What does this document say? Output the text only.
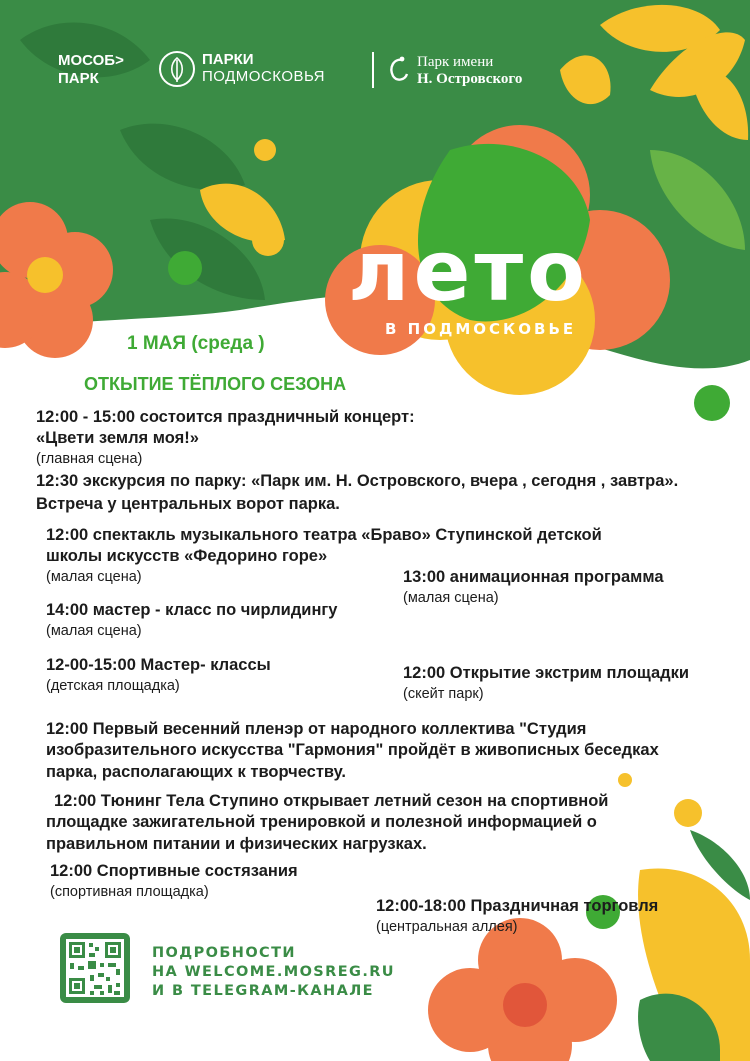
МОСОБ>
ПАРК
ПАРКИ
ПОДМОСКОВЬЯ
Парк имени
Н. Островского
лето
В ПОДМОСКОВЬЕ
1 МАЯ (среда )
ОТКЫТИЕ ТЁПЛОГО СЕЗОНА
12:00 - 15:00 состоится праздничный концерт:
«Цвети земля моя!»
(главная сцена)
12:30 экскурсия по парку: «Парк им. Н. Островского, вчера , сегодня , завтра».
Встреча у центральных ворот парка.
12:00 спектакль музыкального театра «Браво» Ступинской детской
школы искусств «Федорино горе»
(малая сцена)	13:00 анимационная программа
(малая сцена)
14:00 мастер - класс по чирлидингу
(малая сцена)
12-00-15:00 Мастер- классы
(детская площадка)
12:00 Открытие экстрим площадки
(скейт парк)
12:00 Первый весенний пленэр от народного коллектива "Студия
изобразительного искусства "Гармония" пройдёт в живописных беседках
парка, располагающих к творчеству.
12:00 Тюнинг Тела Ступино открывает летний сезон на спортивной
площадке зажигательной тренировкой и полезной информацией о
правильном питании и физических нагрузках.
12:00 Спортивные состязания
(спортивная площадка)
12:00-18:00 Праздничная торговля
(центральная аллея)
ПОДРОБНОСТИ
НА WELCOME.MOSREG.RU
И В TELEGRAM-КАНАЛЕ
